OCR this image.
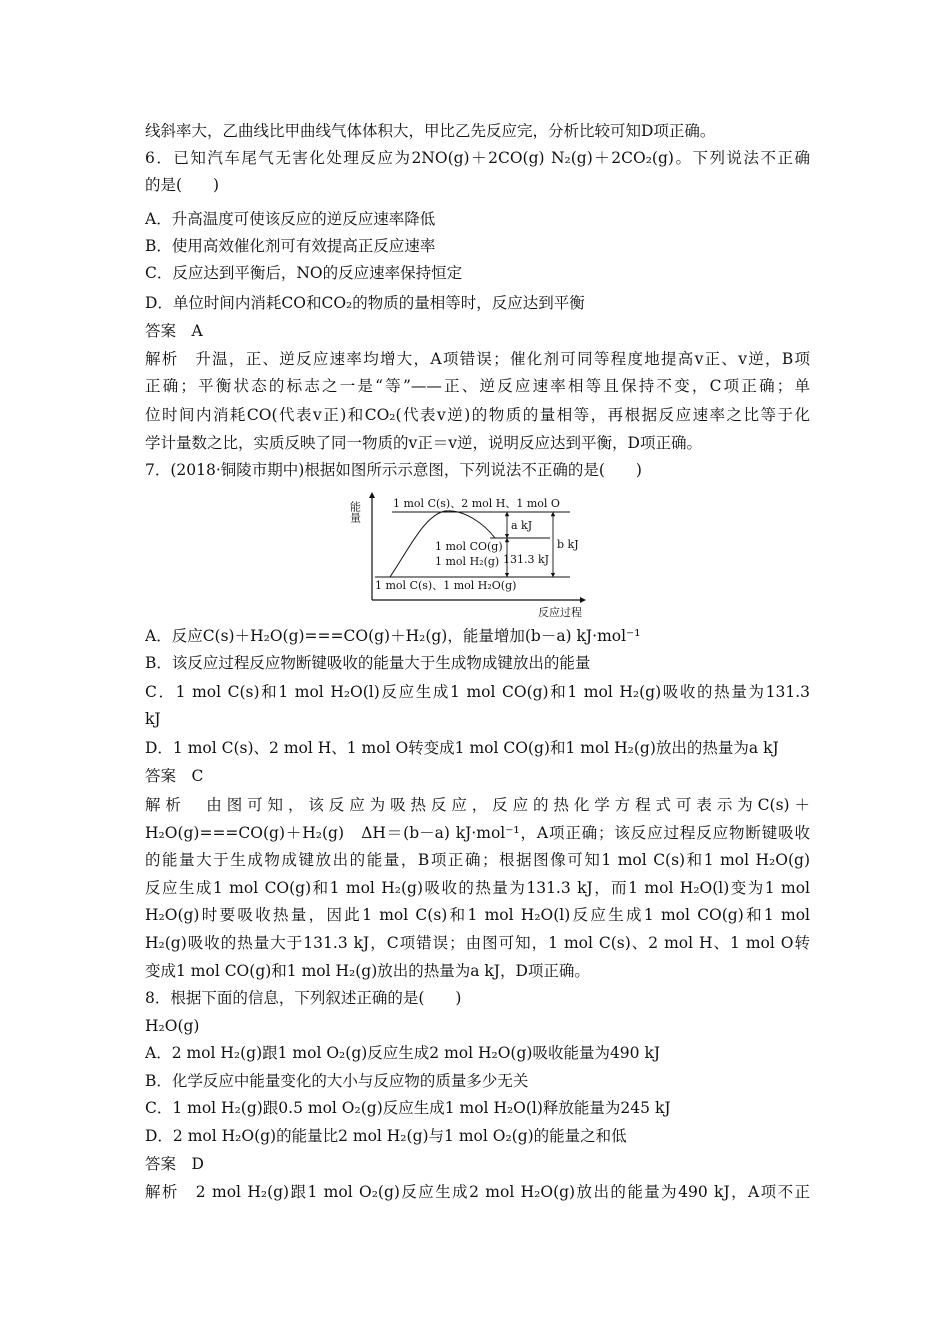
线斜率大，乙曲线比甲曲线气体体积大，甲比乙先反应完，分析比较可知D项正确。
6．已知汽车尾气无害化处理反应为2NO(g)＋2CO(g) N₂(g)＋2CO₂(g)。下列说法不正确
的是(　　)
A．升高温度可使该反应的逆反应速率降低
B．使用高效催化剂可有效提高正反应速率
C．反应达到平衡后，NO的反应速率保持恒定
D．单位时间内消耗CO和CO₂的物质的量相等时，反应达到平衡
答案　A
解析　升温，正、逆反应速率均增大，A项错误；催化剂可同等程度地提高v正、v逆，B项
正确；平衡状态的标志之一是“等”——正、逆反应速率相等且保持不变，C项正确；单
位时间内消耗CO(代表v正)和CO₂(代表v逆)的物质的量相等，再根据反应速率之比等于化
学计量数之比，实质反映了同一物质的v正＝v逆，说明反应达到平衡，D项正确。
7．(2018·铜陵市期中)根据如图所示示意图，下列说法不正确的是(　　)
能量
反应过程
a kJ
131.3 kJ
b kJ
1 mol C(s)、2 mol H、1 mol O
1 mol CO(g)
1 mol H₂(g)
1 mol C(s)、1 mol H₂O(g)
A．反应C(s)＋H₂O(g)===CO(g)＋H₂(g)，能量增加(b－a) kJ·mol⁻¹
B．该反应过程反应物断键吸收的能量大于生成物成键放出的能量
C．1 mol C(s)和1 mol H₂O(l)反应生成1 mol CO(g)和1 mol H₂(g)吸收的热量为131.3
kJ
D．1 mol C(s)、2 mol H、1 mol O转变成1 mol CO(g)和1 mol H₂(g)放出的热量为a kJ
答案　C
解析　由图可知，该反应为吸热反应，反应的热化学方程式可表示为C(s)＋
H₂O(g)===CO(g)＋H₂(g)　ΔH＝(b－a) kJ·mol⁻¹，A项正确；该反应过程反应物断键吸收
的能量大于生成物成键放出的能量，B项正确；根据图像可知1 mol C(s)和1 mol H₂O(g)
反应生成1 mol CO(g)和1 mol H₂(g)吸收的热量为131.3 kJ，而1 mol H₂O(l)变为1 mol
H₂O(g)时要吸收热量，因此1 mol C(s)和1 mol H₂O(l)反应生成1 mol CO(g)和1 mol
H₂(g)吸收的热量大于131.3 kJ，C项错误；由图可知，1 mol C(s)、2 mol H、1 mol O转
变成1 mol CO(g)和1 mol H₂(g)放出的热量为a kJ，D项正确。
8．根据下面的信息，下列叙述正确的是(　　)
H₂O(g)
A．2 mol H₂(g)跟1 mol O₂(g)反应生成2 mol H₂O(g)吸收能量为490 kJ
B．化学反应中能量变化的大小与反应物的质量多少无关
C．1 mol H₂(g)跟0.5 mol O₂(g)反应生成1 mol H₂O(l)释放能量为245 kJ
D．2 mol H₂O(g)的能量比2 mol H₂(g)与1 mol O₂(g)的能量之和低
答案　D
解析　2 mol H₂(g)跟1 mol O₂(g)反应生成2 mol H₂O(g)放出的能量为490 kJ，A项不正
